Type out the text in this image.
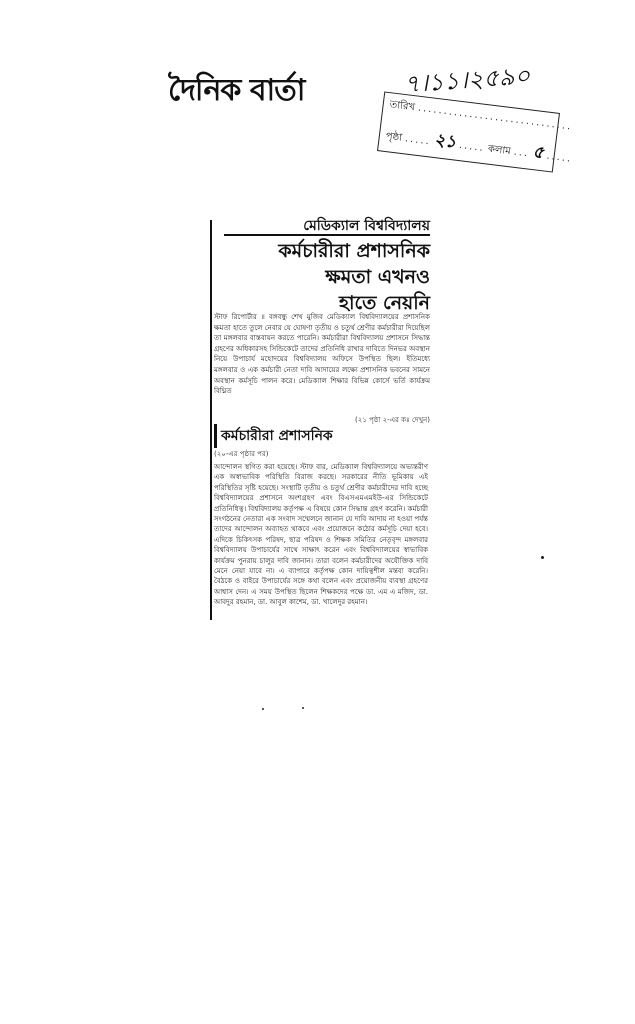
দৈনিক বার্তা	৭।১১।২৫৯০
তারিখ ..............................
পৃষ্ঠা ..... ২১ ..... কলাম ... ৫ .....
মেডিক্যাল বিশ্ববিদ্যালয়
কর্মচারীরা প্রশাসনিক
ক্ষমতা এখনও
হাতে নেয়নি
স্টাফ রিপোর্টার ॥ বঙ্গবন্ধু শেখ মুজিব মেডিক্যাল বিশ্ববিদ্যালয়ের প্রশাসনিক ক্ষমতা হাতে তুলে নেবার যে ঘোষণা তৃতীয় ও চতুর্থ শ্রেণীর কর্মচারীরা দিয়েছিল তা মঙ্গলবার বাস্তবায়ন করতে পারেনি। কর্মচারীরা বিশ্ববিদ্যালয় প্রশাসনে সিদ্ধান্ত গ্রহণের অধিকারসহ সিন্ডিকেটে তাদের প্রতিনিধি রাখার দাবিতে দিনভর অবস্থান নিয়ে উপাচার্য মহোদয়ের বিশ্ববিদ্যালয় অফিসে উপস্থিত ছিল। ইতিমধ্যে মঙ্গলবার ও এক কর্মচারী নেতা দাবি আদায়ের লক্ষ্যে প্রশাসনিক ভবনের সামনে অবস্থান কর্মসূচি পালন করে। মেডিক্যাল শিক্ষার বিভিন্ন কোর্সে ভর্তি কার্যক্রম বিঘ্নিত
(২১ পৃষ্ঠা ২-এর কঃ দেখুন)
কর্মচারীরা প্রশাসনিক
(২০-এর পৃষ্ঠার পর)
আন্দোলন স্থগিত করা হয়েছে। স্টাফ বার, মেডিক্যাল বিশ্ববিদ্যালয়ে অভ্যন্তরীণ এক অস্বাভাবিক পরিস্থিতি বিরাজ করছে। সরকারের নীতি ভূমিকায় এই পরিস্থিতির সৃষ্টি হয়েছে। সংস্থাটি তৃতীয় ও চতুর্থ শ্রেণীর কর্মচারীদের দাবি হচ্ছে বিশ্ববিদ্যালয়ের প্রশাসনে অংশগ্রহণ এবং বিএসএমএমইউ-এর সিন্ডিকেটে প্রতিনিধিত্ব। বিশ্ববিদ্যালয় কর্তৃপক্ষ এ বিষয়ে কোন সিদ্ধান্ত গ্রহণ করেনি। কর্মচারী সংগঠনের নেতারা এক সংবাদ সম্মেলনে জানান যে দাবি আদায় না হওয়া পর্যন্ত তাদের আন্দোলন অব্যাহত থাকবে এবং প্রয়োজনে কঠোর কর্মসূচি দেয়া হবে। এদিকে চিকিৎসক পরিষদ, ছাত্র পরিষদ ও শিক্ষক সমিতির নেতৃবৃন্দ মঙ্গলবার বিশ্ববিদ্যালয় উপাচার্যের সাথে সাক্ষাৎ করেন এবং বিশ্ববিদ্যালয়ের স্বাভাবিক কার্যক্রম পুনরায় চালুর দাবি জানান। তারা বলেন কর্মচারীদের অযৌক্তিক দাবি মেনে নেয়া যাবে না। এ ব্যাপারে কর্তৃপক্ষ কোন দায়িত্বশীল মন্তব্য করেনি। বৈঠকে ও বাইরে উপাচার্যের সঙ্গে কথা বলেন এবং প্রয়োজনীয় ব্যবস্থা গ্রহণের আশ্বাস দেন। এ সময় উপস্থিত ছিলেন শিক্ষকদের পক্ষে ডা. এম এ মজিদ, ডা. আবদুর রহমান, ডা. আবুল কাশেম, ডা. খালেদুর রহমান।
